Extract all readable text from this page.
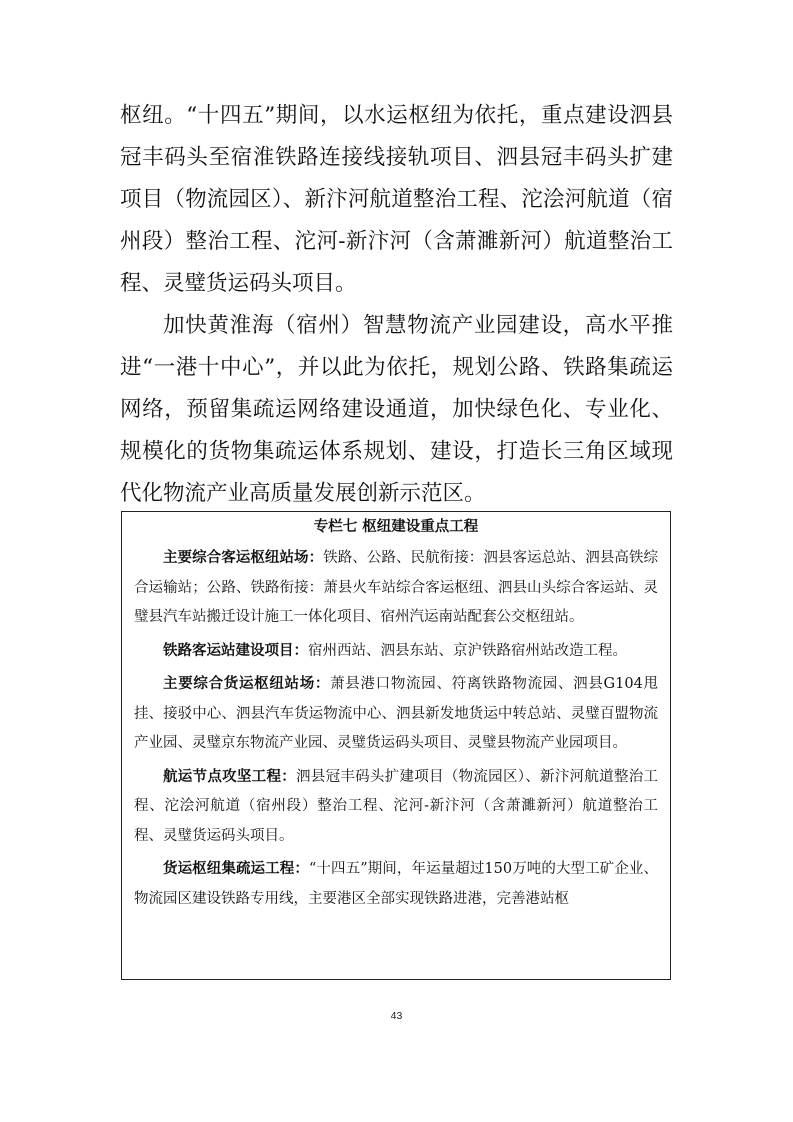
枢纽。“十四五”期间，以水运枢纽为依托，重点建设泗县冠丰码头至宿淮铁路连接线接轨项目、泗县冠丰码头扩建项目（物流园区）、新汴河航道整治工程、沱浍河航道（宿州段）整治工程、沱河-新汴河（含萧濉新河）航道整治工程、灵璧货运码头项目。

加快黄淮海（宿州）智慧物流产业园建设，高水平推进“一港十中心”，并以此为依托，规划公路、铁路集疏运网络，预留集疏运网络建设通道，加快绿色化、专业化、规模化的货物集疏运体系规划、建设，打造长三角区域现代化物流产业高质量发展创新示范区。

专栏七 枢纽建设重点工程

主要综合客运枢纽站场：铁路、公路、民航衔接：泗县客运总站、泗县高铁综合运输站；公路、铁路衔接：萧县火车站综合客运枢纽、泗县山头综合客运站、灵璧县汽车站搬迁设计施工一体化项目、宿州汽运南站配套公交枢纽站。

铁路客运站建设项目：宿州西站、泗县东站、京沪铁路宿州站改造工程。

主要综合货运枢纽站场：萧县港口物流园、符离铁路物流园、泗县G104甩挂、接驳中心、泗县汽车货运物流中心、泗县新发地货运中转总站、灵璧百盟物流产业园、灵璧京东物流产业园、灵璧货运码头项目、灵璧县物流产业园项目。

航运节点攻坚工程：泗县冠丰码头扩建项目（物流园区）、新汴河航道整治工程、沱浍河航道（宿州段）整治工程、沱河-新汴河（含萧濉新河）航道整治工程、灵璧货运码头项目。

货运枢纽集疏运工程：“十四五”期间，年运量超过150万吨的大型工矿企业、物流园区建设铁路专用线，主要港区全部实现铁路进港，完善港站枢

43
